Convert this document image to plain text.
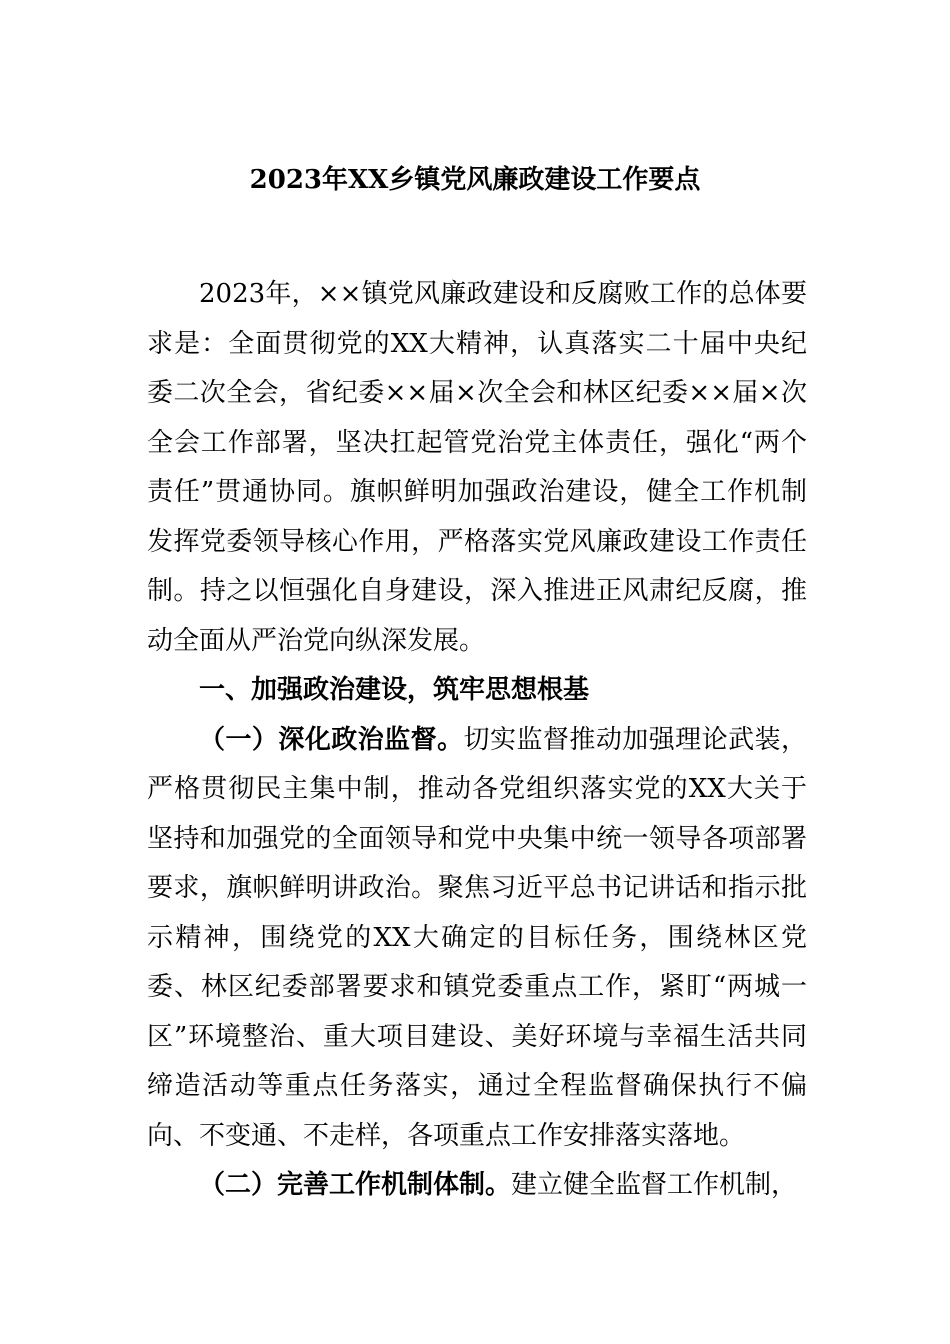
2023年XX乡镇党风廉政建设工作要点

2023年，××镇党风廉政建设和反腐败工作的总体要求是：全面贯彻党的XX大精神，认真落实二十届中央纪委二次全会，省纪委××届×次全会和林区纪委××届×次全会工作部署，坚决扛起管党治党主体责任，强化“两个责任”贯通协同。旗帜鲜明加强政治建设，健全工作机制发挥党委领导核心作用，严格落实党风廉政建设工作责任制。持之以恒强化自身建设，深入推进正风肃纪反腐，推动全面从严治党向纵深发展。

一、加强政治建设，筑牢思想根基

（一）深化政治监督。切实监督推动加强理论武装，严格贯彻民主集中制，推动各党组织落实党的XX大关于坚持和加强党的全面领导和党中央集中统一领导各项部署要求，旗帜鲜明讲政治。聚焦习近平总书记讲话和指示批示精神，围绕党的XX大确定的目标任务，围绕林区党委、林区纪委部署要求和镇党委重点工作，紧盯“两城一区”环境整治、重大项目建设、美好环境与幸福生活共同缔造活动等重点任务落实，通过全程监督确保执行不偏向、不变通、不走样，各项重点工作安排落实落地。

（二）完善工作机制体制。建立健全监督工作机制，
